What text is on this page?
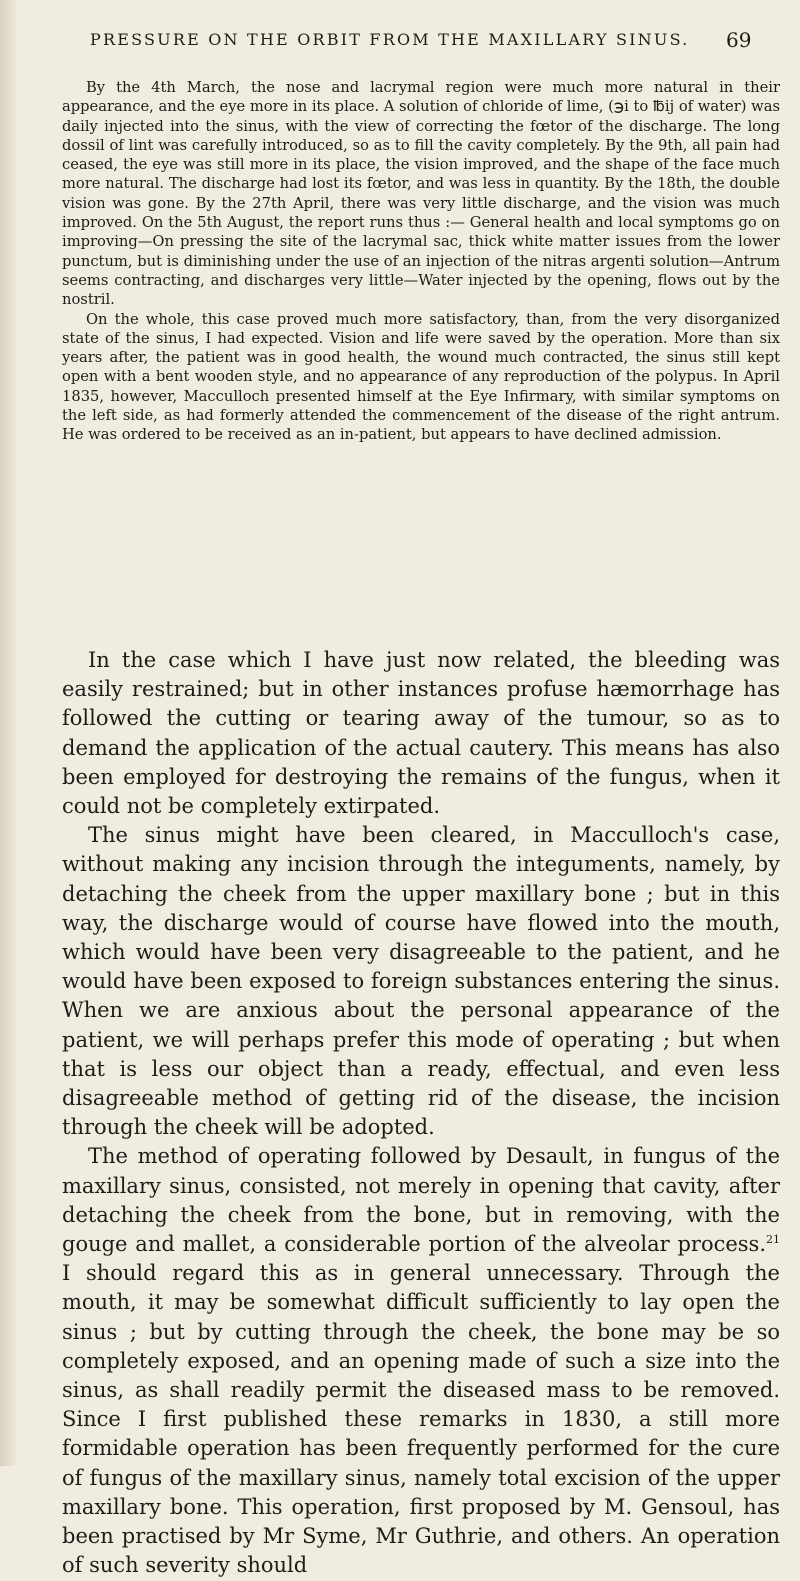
PRESSURE ON THE ORBIT FROM THE MAXILLARY SINUS. 69

By the 4th March, the nose and lacrymal region were much more natural in their appearance, and the eye more in its place. A solution of chloride of lime, (℈i to ℔ij of water) was daily injected into the sinus, with the view of correcting the fœtor of the discharge. The long dossil of lint was carefully introduced, so as to fill the cavity completely. By the 9th, all pain had ceased, the eye was still more in its place, the vision improved, and the shape of the face much more natural. The discharge had lost its fœtor, and was less in quantity. By the 18th, the double vision was gone. By the 27th April, there was very little discharge, and the vision was much improved. On the 5th August, the report runs thus :— General health and local symptoms go on improving—On pressing the site of the lacrymal sac, thick white matter issues from the lower punctum, but is diminishing under the use of an injection of the nitras argenti solution—Antrum seems contracting, and discharges very little—Water injected by the opening, flows out by the nostril.

On the whole, this case proved much more satisfactory, than, from the very disorganized state of the sinus, I had expected. Vision and life were saved by the operation. More than six years after, the patient was in good health, the wound much contracted, the sinus still kept open with a bent wooden style, and no appearance of any reproduction of the polypus. In April 1835, however, Macculloch presented himself at the Eye Infirmary, with similar symptoms on the left side, as had formerly attended the commencement of the disease of the right antrum. He was ordered to be received as an in-patient, but appears to have declined admission.

In the case which I have just now related, the bleeding was easily restrained; but in other instances profuse hæmorrhage has followed the cutting or tearing away of the tumour, so as to demand the application of the actual cautery. This means has also been employed for destroying the remains of the fungus, when it could not be completely extirpated.

The sinus might have been cleared, in Macculloch's case, without making any incision through the integuments, namely, by detaching the cheek from the upper maxillary bone ; but in this way, the discharge would of course have flowed into the mouth, which would have been very disagreeable to the patient, and he would have been exposed to foreign substances entering the sinus. When we are anxious about the personal appearance of the patient, we will perhaps prefer this mode of operating ; but when that is less our object than a ready, effectual, and even less disagreeable method of getting rid of the disease, the incision through the cheek will be adopted.

The method of operating followed by Desault, in fungus of the maxillary sinus, consisted, not merely in opening that cavity, after detaching the cheek from the bone, but in removing, with the gouge and mallet, a considerable portion of the alveolar process.$^{21}$ I should regard this as in general unnecessary. Through the mouth, it may be somewhat difficult sufficiently to lay open the sinus ; but by cutting through the cheek, the bone may be so completely exposed, and an opening made of such a size into the sinus, as shall readily permit the diseased mass to be removed. Since I first published these remarks in 1830, a still more formidable operation has been frequently performed for the cure of fungus of the maxillary sinus, namely total excision of the upper maxillary bone. This operation, first proposed by M. Gensoul, has been practised by Mr Syme, Mr Guthrie, and others. An operation of such severity should
